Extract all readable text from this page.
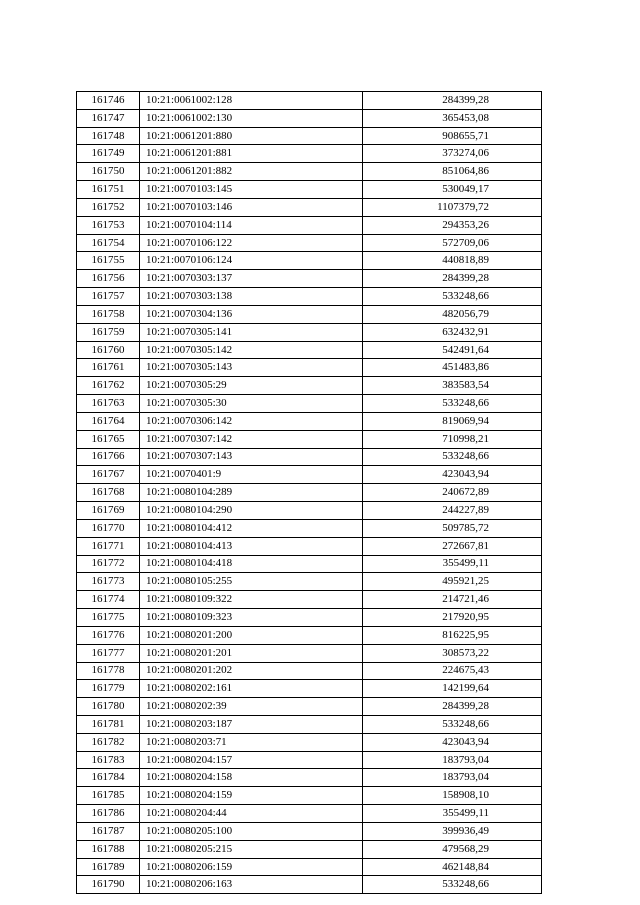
161746	10:21:0061002:128	284399,28
161747	10:21:0061002:130	365453,08
161748	10:21:0061201:880	908655,71
161749	10:21:0061201:881	373274,06
161750	10:21:0061201:882	851064,86
161751	10:21:0070103:145	530049,17
161752	10:21:0070103:146	1107379,72
161753	10:21:0070104:114	294353,26
161754	10:21:0070106:122	572709,06
161755	10:21:0070106:124	440818,89
161756	10:21:0070303:137	284399,28
161757	10:21:0070303:138	533248,66
161758	10:21:0070304:136	482056,79
161759	10:21:0070305:141	632432,91
161760	10:21:0070305:142	542491,64
161761	10:21:0070305:143	451483,86
161762	10:21:0070305:29	383583,54
161763	10:21:0070305:30	533248,66
161764	10:21:0070306:142	819069,94
161765	10:21:0070307:142	710998,21
161766	10:21:0070307:143	533248,66
161767	10:21:0070401:9	423043,94
161768	10:21:0080104:289	240672,89
161769	10:21:0080104:290	244227,89
161770	10:21:0080104:412	509785,72
161771	10:21:0080104:413	272667,81
161772	10:21:0080104:418	355499,11
161773	10:21:0080105:255	495921,25
161774	10:21:0080109:322	214721,46
161775	10:21:0080109:323	217920,95
161776	10:21:0080201:200	816225,95
161777	10:21:0080201:201	308573,22
161778	10:21:0080201:202	224675,43
161779	10:21:0080202:161	142199,64
161780	10:21:0080202:39	284399,28
161781	10:21:0080203:187	533248,66
161782	10:21:0080203:71	423043,94
161783	10:21:0080204:157	183793,04
161784	10:21:0080204:158	183793,04
161785	10:21:0080204:159	158908,10
161786	10:21:0080204:44	355499,11
161787	10:21:0080205:100	399936,49
161788	10:21:0080205:215	479568,29
161789	10:21:0080206:159	462148,84
161790	10:21:0080206:163	533248,66
